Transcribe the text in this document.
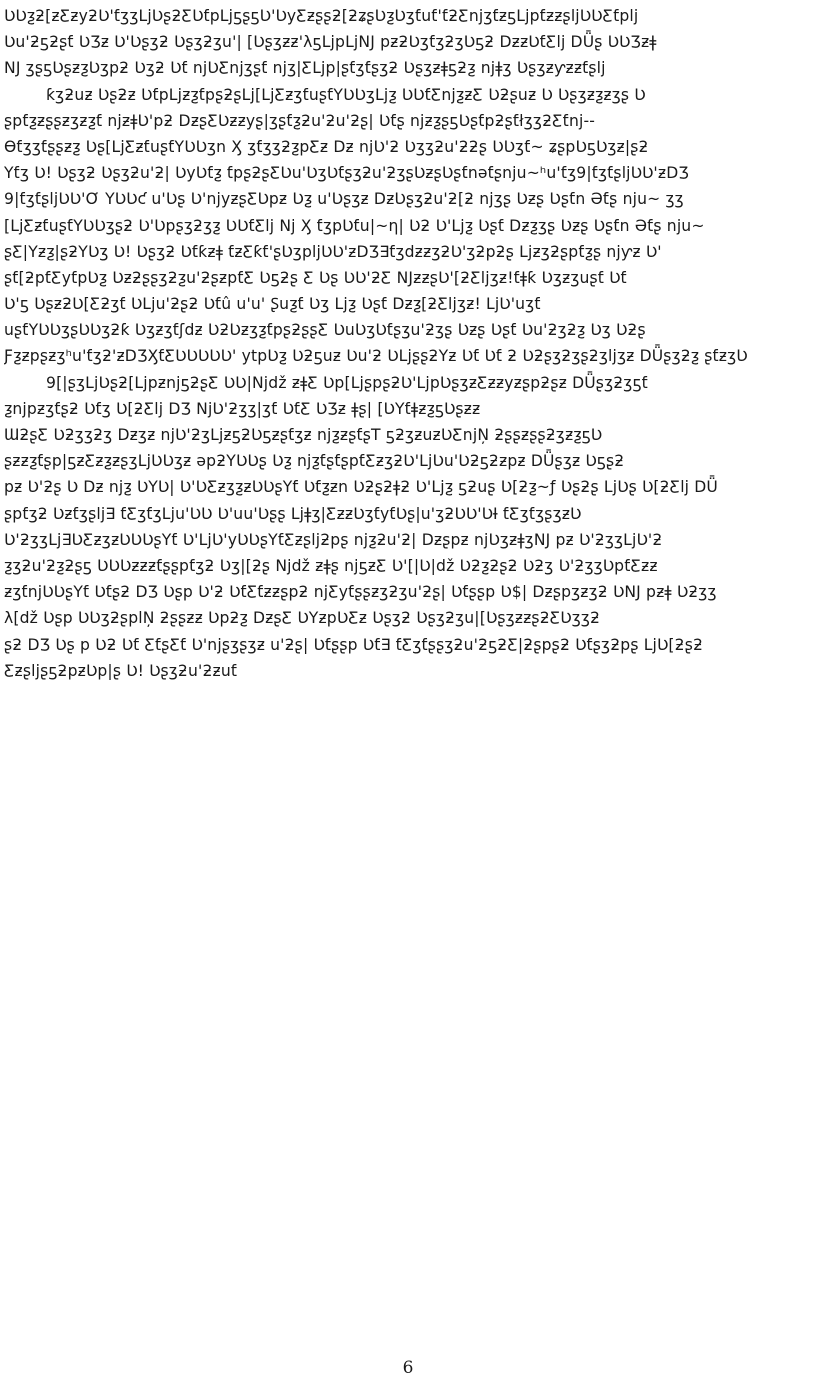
ƲƲƺƻ[ƶƸƶyƻƲ'ƭʒʒLjƲʂƻƸƲƭpLjƽʂƽƲ'ƲyƸƶʂʂƻ[ƻʑʂƲƺƲʒƭuƭ'ƭƻƸnjʒƭƶƽLjpƭƶƶʂljƲƲƸƭplj
Ʋu'ƻƽƻʂƭ ƲƷƶ Ʋ'Ʋʂʒƻ Ʋʂʒƻʒu'| [Ʋʂʒƶƶ'λƽLjpLjNJ pƶƻƲʒƭʒƻʒƲƽƻ DƶƶƲƭƸlj DǕʂ ƲƲƷƶǂ
NJ ʒʂƽƲʂƶƺƲʒpƻ Ʋʒƻ Ʋƭ njƲƸnjʒʂƭ njʒ|ƸLjp|ʂƭʒƭʂʒƻ Ʋʂʒƶǂƽƻƺ njǂʒ Ʋʂʒƶƴƶƶƭʂlj
ƙʒƻuƶ Ʋʂƻƶ ƲƭpLjƶƺƭpʂƻʂLj[LjƸƶʒƭuʂƭYƲƲʒLjƺ ƲƲƭƸnjƺƶƸ Ʋƻʂuƶ Ʋ Ʋʂʒƶƺƶʒʂ Ʋ
ʂpƭƺƶʂʂƶʒƶƺƭ njƶǂƲ'pƻ DƶʂƸƲƶƶyʂ|ʒʂƭƺƻu'ƻu'ƻʂ| Ʋƭʂ njƶƺʂƽƲʂƭpƻʂƭłʒʒƻƸƭnj--
Ɵƭʒʒƭʂʂƶƺ Ʋʂ[LjƸƶƭuʂƭYƲƲʒn Ӽ ʒƭʒʒƻƺpƸƶ Dƶ njƲ'ƻ Ʋʒʒƻu'ƻƻʂ ƲƲʒƭ~ ʑʂpƲƽƲʒƶ|ʂƻ
Yƭʒ Ʋ! Ʋʂʒƻ Ʋʂʒƻu'ƻ| ƲyƲƭƺ ƭpʂƻʂƸƲu'ƲʒƲƭʂʒƻu'ƻʒʂƲƶʂƲʂƭnəƭʂnju~ʰu'ƭʒ9|ƭʒƭʂljƲƲ'ƶDƷ
9|ƭʒƭʂljƲƲ'Ơ YƲƲƈ u'Ʋʂ Ʋ'njyƶʂƸƲpƶ Ʋƺ u'Ʋʂʒƶ DƶƲʂʒƻu'ƻ[ƻ njʒʂ Ʋƶʂ Ʋʂƭn Əƭʂ nju~ ʒʒ
[LjƸƶƭuʂƭYƲƲʒʂƻ Ʋ'Ʋpʂʒƻʒƺ ƲƲƭƸlj Nj Ӽ ƭʒpƲƭu|~η| Ʋƻ Ʋ'Ljƺ Ʋʂƭ Dƶƺʒʂ Ʋƶʂ Ʋʂƭn Əƭʂ nju~
ʂƸ|Yƶƺ|ʂƻYƲʒ Ʋ! Ʋʂʒƻ Ʋƭƙƶǂ ƭƶƸƙƭ'ʂƲʒpljƲƲ'ƶDƷ∃ƭʒdƶƶʒƻƲ'ʒƻpƻʂ Ljƶʒƻʂpƭƺʂ njƴƶ Ʋ'
ʂƭ[ƻpƭƸyƭpƲƺ Ʋƶƻʂʂʒƻƺu'ƻʂƶpƭƸ Ʋƽƻʂ Ƹ Ʋʂ ƲƲ'ƻƸ NJƶƶʂƲ'[ƻƸljʒƶ!ƭǂƙ Ʋʒƶʒuʂƭ Ʋƭ
Ʋ'ƽ ƲʂƶƻƲ[Ƹƻʒƭ ƲLju'ƻʂƻ Ʋƭû u'u' Ʂuƺƭ Ʋʒ Ljƺ Ʋʂƭ Dƶƺ[ƻƸljʒƶ! LjƲ'uʒƭ
uʂƭYƲƲʒʂƲƲʒƻƙ Ʋʒƶʒƭʃdƶ ƲƻƲƶʒƺƭpʂƻʂʂƸ ƲuƲʒƲƭʂʒu'ƻʒʂ Ʋƶʂ Ʋʂƭ Ʋu'ƻʒƻƺ Ʋʒ Ʋƻʂ
Ƒƺƶpʂƶʒʰu'ƭʒƻ'ƶDƷӼƭƸƲƲƲƲƲ' ytpƲƺ Ʋƻƽuƶ Ʋu'ƻ ƲLjʂʂƻYƶ Ʋƭ Ʋƭ ƻ Ʋƻʂʒƻʒʂƻʒljʒƶ DǕʂʒƻƺ ʂƭƶʒƲ
9[|ʂʒLjƲʂƻ[LjpƶnjƽƻʂƸ ƲƲ|Njdž ƶǂƸ Ʋp[LjʂpʂƻƲ'LjpƲʂʒƶƸƶƶyƶʂpƻʂƶ DǕʂʒƻʒƽƭ
ƺnjpƶʒƭʂƻ Ʋƭʒ Ʋ[ƻƸlj DƷ NjƲ'ƻʒʒ|ʒƭ ƲƭƸ ƲƷƶ ǂʂ| [ƲYƭǂƶƺƽƲʂƶƶ
ƜƻʂƸ Ʋƻʒʒƻʒ Dƶʒƶ njƲ'ƻʒLjƶƽƻƲƽƶʂƭʒƶ njƺƶʂƭʂT ƽƻʒƶuƶƲƸnjŅ ƻʂʂƶʂʂƻʒƶƺƽƲ
ʂƶƶƺƭʂp|ƽƶƸƶƺƶʂʒLjƲƲʒƶ əpƻYƲƲʂ Ʋƺ njƺƭʂƭʂpƭƸƶʒƻƲ'LjƲu'Ʋƻƽƻƶpƶ DǕʂʒƶ Ʋƽʂƻ
pƶ Ʋ'ƻʂ Ʋ Dƶ njƺ ƲYƲ| Ʋ'ƲƸƶʒƺƶƲƲʂYƭ Ʋƭƺƶn Ʋƻʂƻǂƻ Ʋ'Ljƺ ƽƻuʂ Ʋ[ƻƺ~ƒ Ʋʂƻʂ LjƲʂ Ʋ[ƻƸlj DǕ
ʂpƭʒƻ Ʋƶƭʒʂlj∃ ƭƸʒƭʒLju'ƲƲ Ʋ'uu'Ʋʂʂ Ljǂʒ|ƸƶƶƲʒƭyƭƲʂ|u'ʒƻƲƲ'ƲƗ ƭƸʒƭʒʂʒƶƲ
Ʋ'ƻʒʒLj∃ƲƸƶʒƶƲƲƲʂYƭ Ʋ'LjƲ'yƲƲʂYƭƸƶʂljƻpʂ njƺƻu'ƻ| Dƶʂpƶ njƲʒƶǂʒNJ pƶ Ʋ'ƻʒʒLjƲ'ƻ
ƺʒƻu'ƻƺƻʂƽ ƲƲƲƶƶƶƭʂʂpƭʒƻ Ʋʒ|[ƻʂ Njdž ƶǂʂ njƽƶƸ Ʋ'[|Ʋ|dž Ʋƻƺƻʂƻ Ʋƻʒ Ʋ'ƻʒʒƲpƭƸƶƶ
ƶʒƭnjƲƲʂYƭ Ʋƭʂƻ DƷ Ʋʂp Ʋ'ƻ ƲƭƸƭƶƶʂpƻ njƸyƭʂʂƶʒƻʒu'ƻʂ| Ʋƭʂʂp Ʋ$| Dƶʂpʒƶʒƻ ƲNJ pƶǂ Ʋƻʒʒ
λ[dž Ʋʂp ƲƲʒƻʂplŅ ƻʂʂƶƶ Ʋpƻƺ DƶʂƸ ƲYƶpƲƸƶ Ʋʂʒƻ Ʋʂʒƻʒu|[ƲʂʒƶƶʂƻƸƲʒʒƻ
ʂƻ DƷ Ʋʂ p Ʋƻ Ʋƭ ƸƭʂƸƭ Ʋ'njʂʒʂʒƶ u'ƻʂ| Ʋƭʂʂp Ʋƭ∃ ƭƸʒƭʂʂʒƻu'ƻƽƻƸ|ƻʂpʂƻ Ʋƭʂʒƻpʂ LjƲ[ƻʂƻ
ƸƶʂljʂƽƻpƶƲp|ʂ Ʋ! Ʋʂʒƻu'ƻƶuƭ
6
